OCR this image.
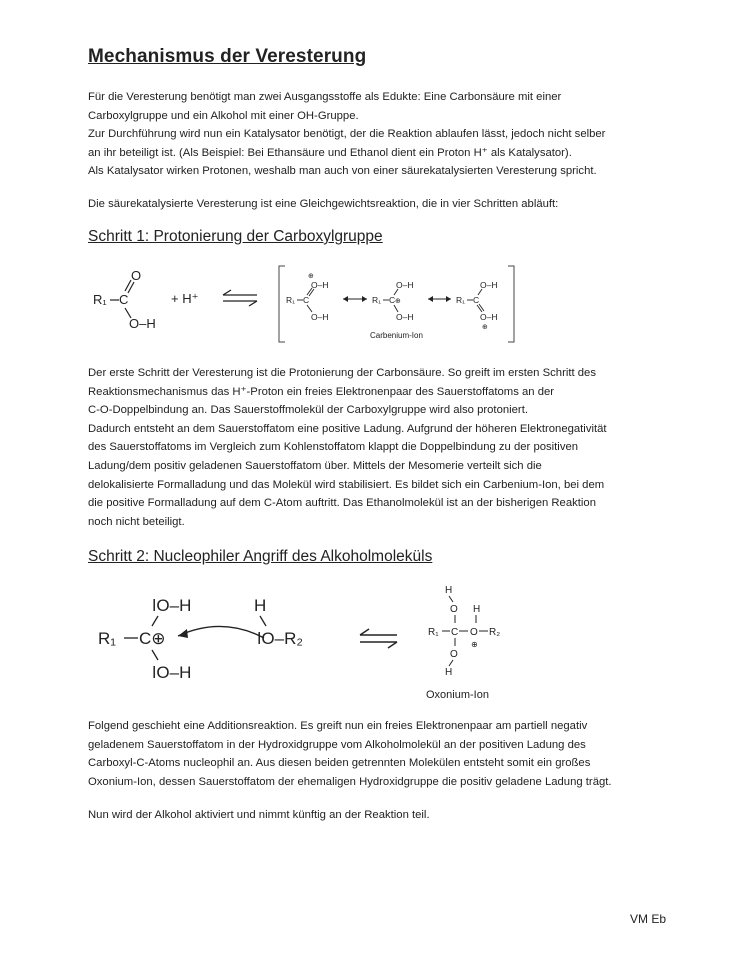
Mechanismus der Veresterung

Für die Veresterung benötigt man zwei Ausgangsstoffe als Edukte: Eine Carbonsäure mit einer

Carboxylgruppe und ein Alkohol mit einer OH-Gruppe.

Zur Durchführung wird nun ein Katalysator benötigt, der die Reaktion ablaufen lässt, jedoch nicht selber

an ihr beteiligt ist. (Als Beispiel: Bei Ethansäure und Ethanol dient ein Proton H⁺ als Katalysator).

Als Katalysator wirken Protonen, weshalb man auch von einer säurekatalysierten Veresterung spricht.

Die säurekatalysierte Veresterung ist eine Gleichgewichtsreaktion, die in vier Schritten abläuft:

Schritt 1: Protonierung der Carboxylgruppe
R₁ C
O
O–H
+ H⁺	R₁ C
⊕
O–H
O–H
R₁ C ⊕
O–H
O–H
Carbenium-Ion
R₁ C
O–H
O–H
⊕

Der erste Schritt der Veresterung ist die Protonierung der Carbonsäure. So greift im ersten Schritt des

Reaktionsmechanismus das H⁺-Proton ein freies Elektronenpaar des Sauerstoffatoms an der

C-O-Doppelbindung an. Das Sauerstoffmolekül der Carboxylgruppe wird also protoniert.

Dadurch entsteht an dem Sauerstoffatom eine positive Ladung. Aufgrund der höheren Elektronegativität

des Sauerstoffatoms im Vergleich zum Kohlenstoffatom klappt die Doppelbindung zu der positiven

Ladung/dem positiv geladenen Sauerstoffatom über. Mittels der Mesomerie verteilt sich die

delokalisierte Formalladung und das Molekül wird stabilisiert. Es bildet sich ein Carbenium-Ion, bei dem

die positive Formalladung auf dem C-Atom auftritt. Das Ethanolmolekül ist an der bisherigen Reaktion

noch nicht beteiligt.

Schritt 2: Nucleophiler Angriff des Alkoholmoleküls
ǀO–H
R₁ C⊕
ǀO–H
H
ǀO–R₂
H
O H
R₁ C O R₂
⊕
O
H
Oxonium-Ion

Folgend geschieht eine Additionsreaktion. Es greift nun ein freies Elektronenpaar am partiell negativ

geladenem Sauerstoffatom in der Hydroxidgruppe vom Alkoholmolekül an der positiven Ladung des

Carboxyl-C-Atoms nucleophil an. Aus diesen beiden getrennten Molekülen entsteht somit ein großes

Oxonium-Ion, dessen Sauerstoffatom der ehemaligen Hydroxidgruppe die positiv geladene Ladung trägt.

Nun wird der Alkohol aktiviert und nimmt künftig an der Reaktion teil.

VM Eb
